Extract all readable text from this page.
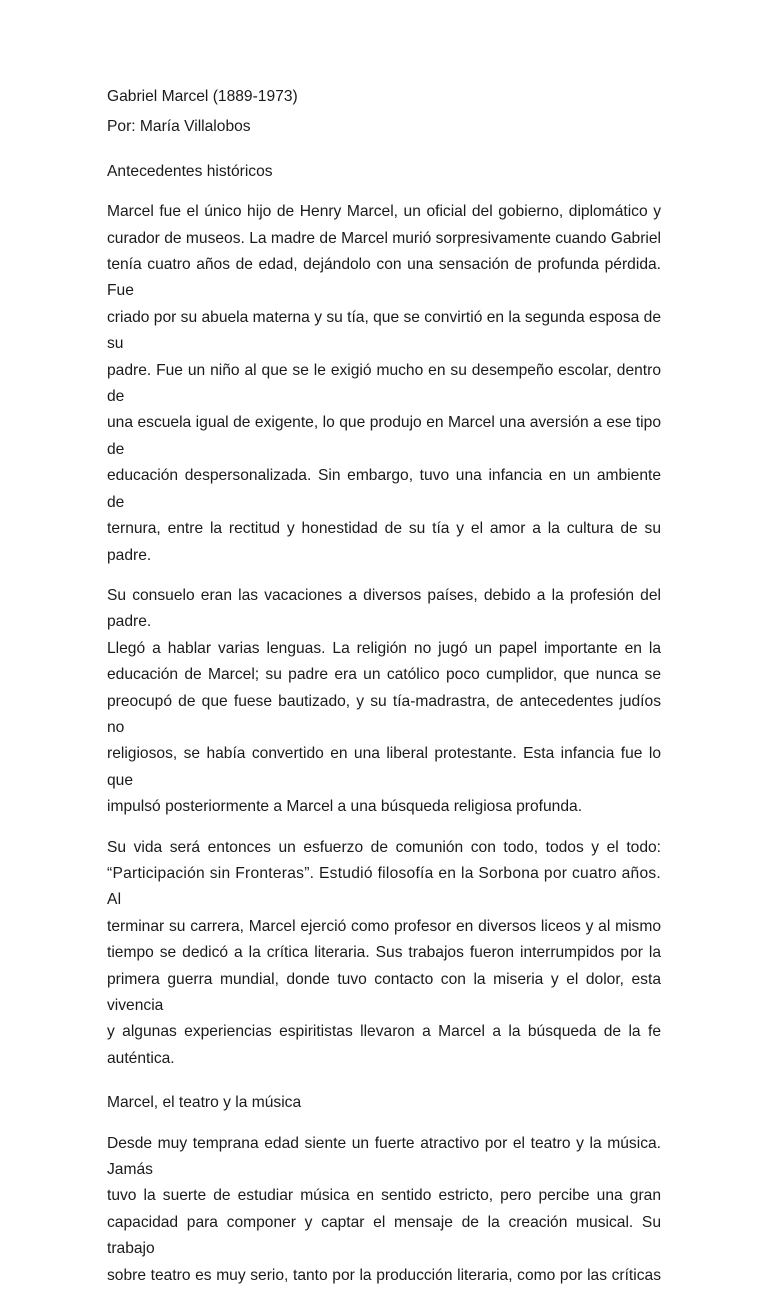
Gabriel Marcel (1889-1973)
Por: María Villalobos
Antecedentes históricos
Marcel fue el único hijo de Henry Marcel, un oficial del gobierno, diplomático y
curador de museos. La madre de Marcel murió sorpresivamente cuando Gabriel
tenía cuatro años de edad, dejándolo con una sensación de profunda pérdida. Fue
criado por su abuela materna y su tía, que se convirtió en la segunda esposa de su
padre. Fue un niño al que se le exigió mucho en su desempeño escolar, dentro de
una escuela igual de exigente, lo que produjo en Marcel una aversión a ese tipo de
educación despersonalizada. Sin embargo, tuvo una infancia en un ambiente de
ternura, entre la rectitud y honestidad de su tía y el amor a la cultura de su padre.
Su consuelo eran las vacaciones a diversos países, debido a la profesión del padre.
Llegó a hablar varias lenguas. La religión no jugó un papel importante en la
educación de Marcel; su padre era un católico poco cumplidor, que nunca se
preocupó de que fuese bautizado, y su tía-madrastra, de antecedentes judíos no
religiosos, se había convertido en una liberal protestante. Esta infancia fue lo que
impulsó posteriormente a Marcel a una búsqueda religiosa profunda.
Su vida será entonces un esfuerzo de comunión con todo, todos y el todo:
“Participación sin Fronteras”. Estudió filosofía en la Sorbona por cuatro años. Al
terminar su carrera, Marcel ejerció como profesor en diversos liceos y al mismo
tiempo se dedicó a la crítica literaria. Sus trabajos fueron interrumpidos por la
primera guerra mundial, donde tuvo contacto con la miseria y el dolor, esta vivencia
y algunas experiencias espiritistas llevaron a Marcel a la búsqueda de la fe
auténtica.
Marcel, el teatro y la música
Desde muy temprana edad siente un fuerte atractivo por el teatro y la música. Jamás
tuvo la suerte de estudiar música en sentido estricto, pero percibe una gran
capacidad para componer y captar el mensaje de la creación musical. Su trabajo
sobre teatro es muy serio, tanto por la producción literaria, como por las críticas
